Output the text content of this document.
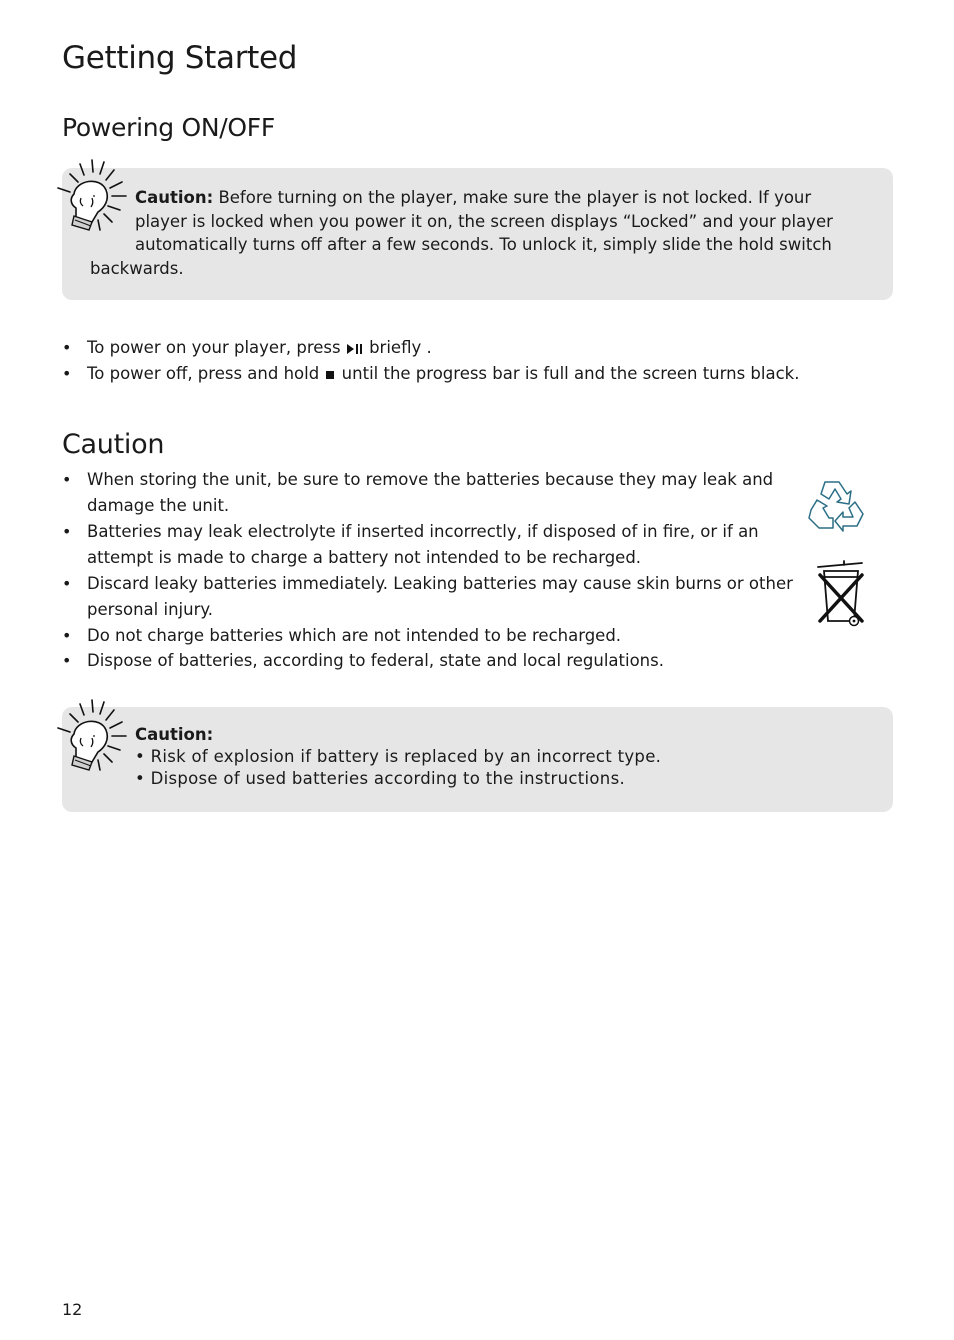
Getting Started
Powering ON/OFF
Caution: Before turning on the player, make sure the player is not locked. If your
player is locked when you power it on, the screen displays “Locked” and your player
automatically turns off after a few seconds. To unlock it, simply slide the hold switch
backwards.
• To power on your player, press  briefly .
• To power off, press and hold  until the progress bar is full and the screen turns black.
Caution
• When storing the unit, be sure to remove the batteries because they may leak and
damage the unit.
• Batteries may leak electrolyte if inserted incorrectly, if disposed of in fire, or if an
attempt is made to charge a battery not intended to be recharged.
• Discard leaky batteries immediately. Leaking batteries may cause skin burns or other
personal injury.
• Do not charge batteries which are not intended to be recharged.
• Dispose of batteries, according to federal, state and local regulations.
Caution:
• Risk of explosion if battery is replaced by an incorrect type.
• Dispose of used batteries according to the instructions.
12
